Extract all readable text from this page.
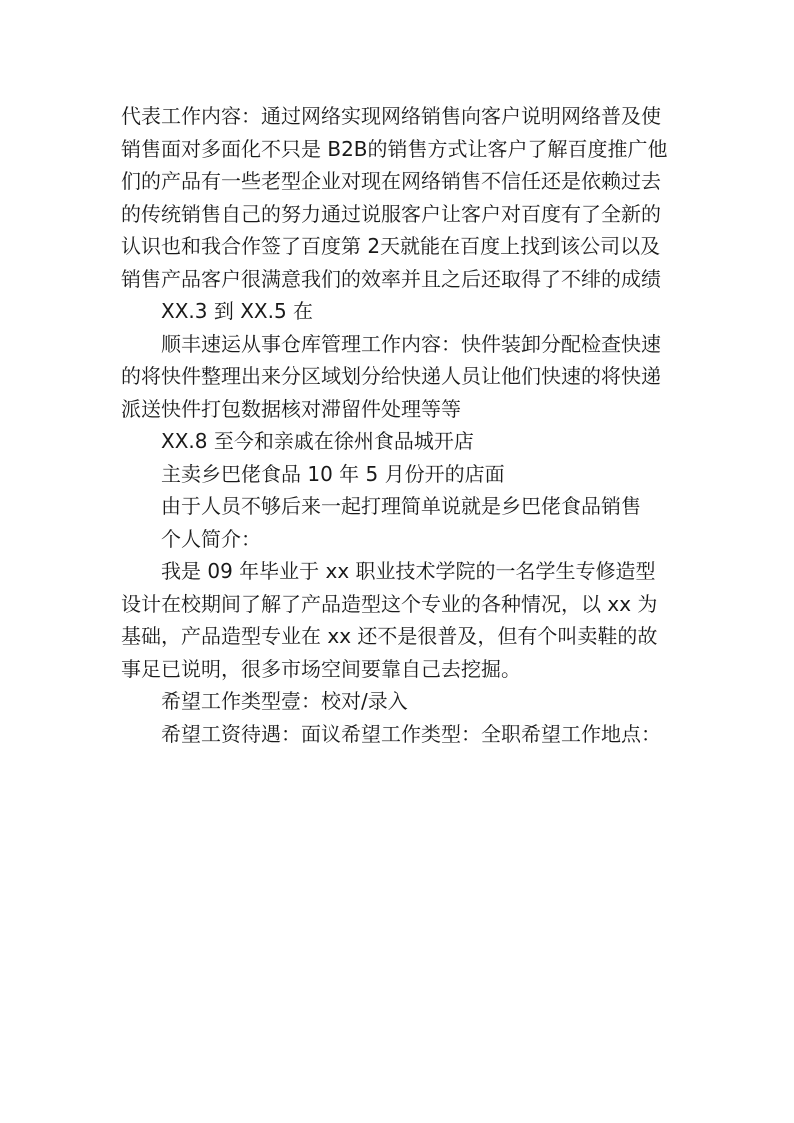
代表工作内容：通过网络实现网络销售向客户说明网络普及使销售面对多面化不只是 B2B的销售方式让客户了解百度推广他们的产品有一些老型企业对现在网络销售不信任还是依赖过去的传统销售自己的努力通过说服客户让客户对百度有了全新的认识也和我合作签了百度第 2天就能在百度上找到该公司以及销售产品客户很满意我们的效率并且之后还取得了不绯的成绩

XX.3 到 XX.5 在

顺丰速运从事仓库管理工作内容：快件装卸分配检查快速的将快件整理出来分区域划分给快递人员让他们快速的将快递派送快件打包数据核对滞留件处理等等

XX.8 至今和亲戚在徐州食品城开店

主卖乡巴佬食品 10 年 5 月份开的店面

由于人员不够后来一起打理简单说就是乡巴佬食品销售

个人简介：

我是 09 年毕业于 xx 职业技术学院的一名学生专修造型设计在校期间了解了产品造型这个专业的各种情况，以 xx 为基础，产品造型专业在 xx 还不是很普及，但有个叫卖鞋的故事足已说明，很多市场空间要靠自己去挖掘。

希望工作类型壹：校对/录入

希望工资待遇：面议希望工作类型：全职希望工作地点：
